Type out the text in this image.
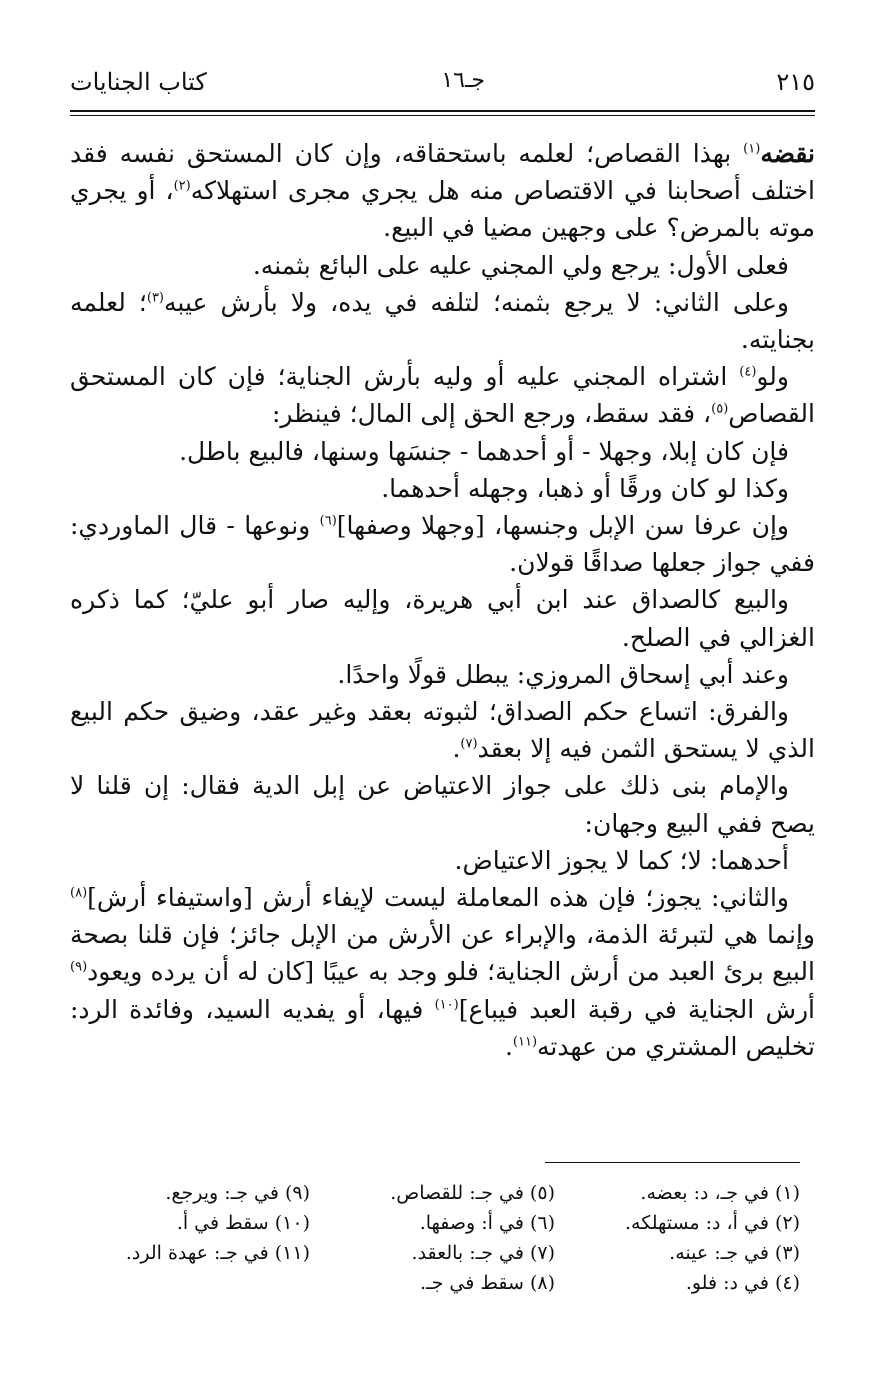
٢١٥
جـ١٦
كتاب الجنايات

نقضه$^{(١)}$ بهذا القصاص؛ لعلمه باستحقاقه، وإن كان المستحق نفسه فقد اختلف أصحابنا في الاقتصاص منه هل يجري مجرى استهلاكه$^{(٢)}$، أو يجري موته بالمرض؟ على وجهين مضيا في البيع.

فعلى الأول: يرجع ولي المجني عليه على البائع بثمنه.

وعلى الثاني: لا يرجع بثمنه؛ لتلفه في يده، ولا بأرش عيبه$^{(٣)}$؛ لعلمه بجنايته.

ولو$^{(٤)}$ اشتراه المجني عليه أو وليه بأرش الجناية؛ فإن كان المستحق القصاص$^{(٥)}$، فقد سقط، ورجع الحق إلى المال؛ فينظر:

فإن كان إبلا، وجهلا - أو أحدهما - جنسَها وسنها، فالبيع باطل.

وكذا لو كان ورقًا أو ذهبا، وجهله أحدهما.

وإن عرفا سن الإبل وجنسها، [وجهلا وصفها]$^{(٦)}$ ونوعها - قال الماوردي: ففي جواز جعلها صداقًا قولان.

والبيع كالصداق عند ابن أبي هريرة، وإليه صار أبو عليّ؛ كما ذكره الغزالي في الصلح.

وعند أبي إسحاق المروزي: يبطل قولًا واحدًا.

والفرق: اتساع حكم الصداق؛ لثبوته بعقد وغير عقد، وضيق حكم البيع الذي لا يستحق الثمن فيه إلا بعقد$^{(٧)}$.

والإمام بنى ذلك على جواز الاعتياض عن إبل الدية فقال: إن قلنا لا يصح ففي البيع وجهان:

أحدهما: لا؛ كما لا يجوز الاعتياض.

والثاني: يجوز؛ فإن هذه المعاملة ليست لإيفاء أرش [واستيفاء أرش]$^{(٨)}$ وإنما هي لتبرئة الذمة، والإبراء عن الأرش من الإبل جائز؛ فإن قلنا بصحة البيع برئ العبد من أرش الجناية؛ فلو وجد به عيبًا [كان له أن يرده ويعود$^{(٩)}$ أرش الجناية في رقبة العبد فيباع]$^{(١٠)}$ فيها، أو يفديه السيد، وفائدة الرد: تخليص المشتري من عهدته$^{(١١)}$.

(١) في جـ، د: بعضه.
(٢) في أ، د: مستهلكه.
(٣) في جـ: عينه.
(٤) في د: فلو.
(٥) في جـ: للقصاص.
(٦) في أ: وصفها.
(٧) في جـ: بالعقد.
(٨) سقط في جـ.
(٩) في جـ: ويرجع.
(١٠) سقط في أ.
(١١) في جـ: عهدة الرد.
